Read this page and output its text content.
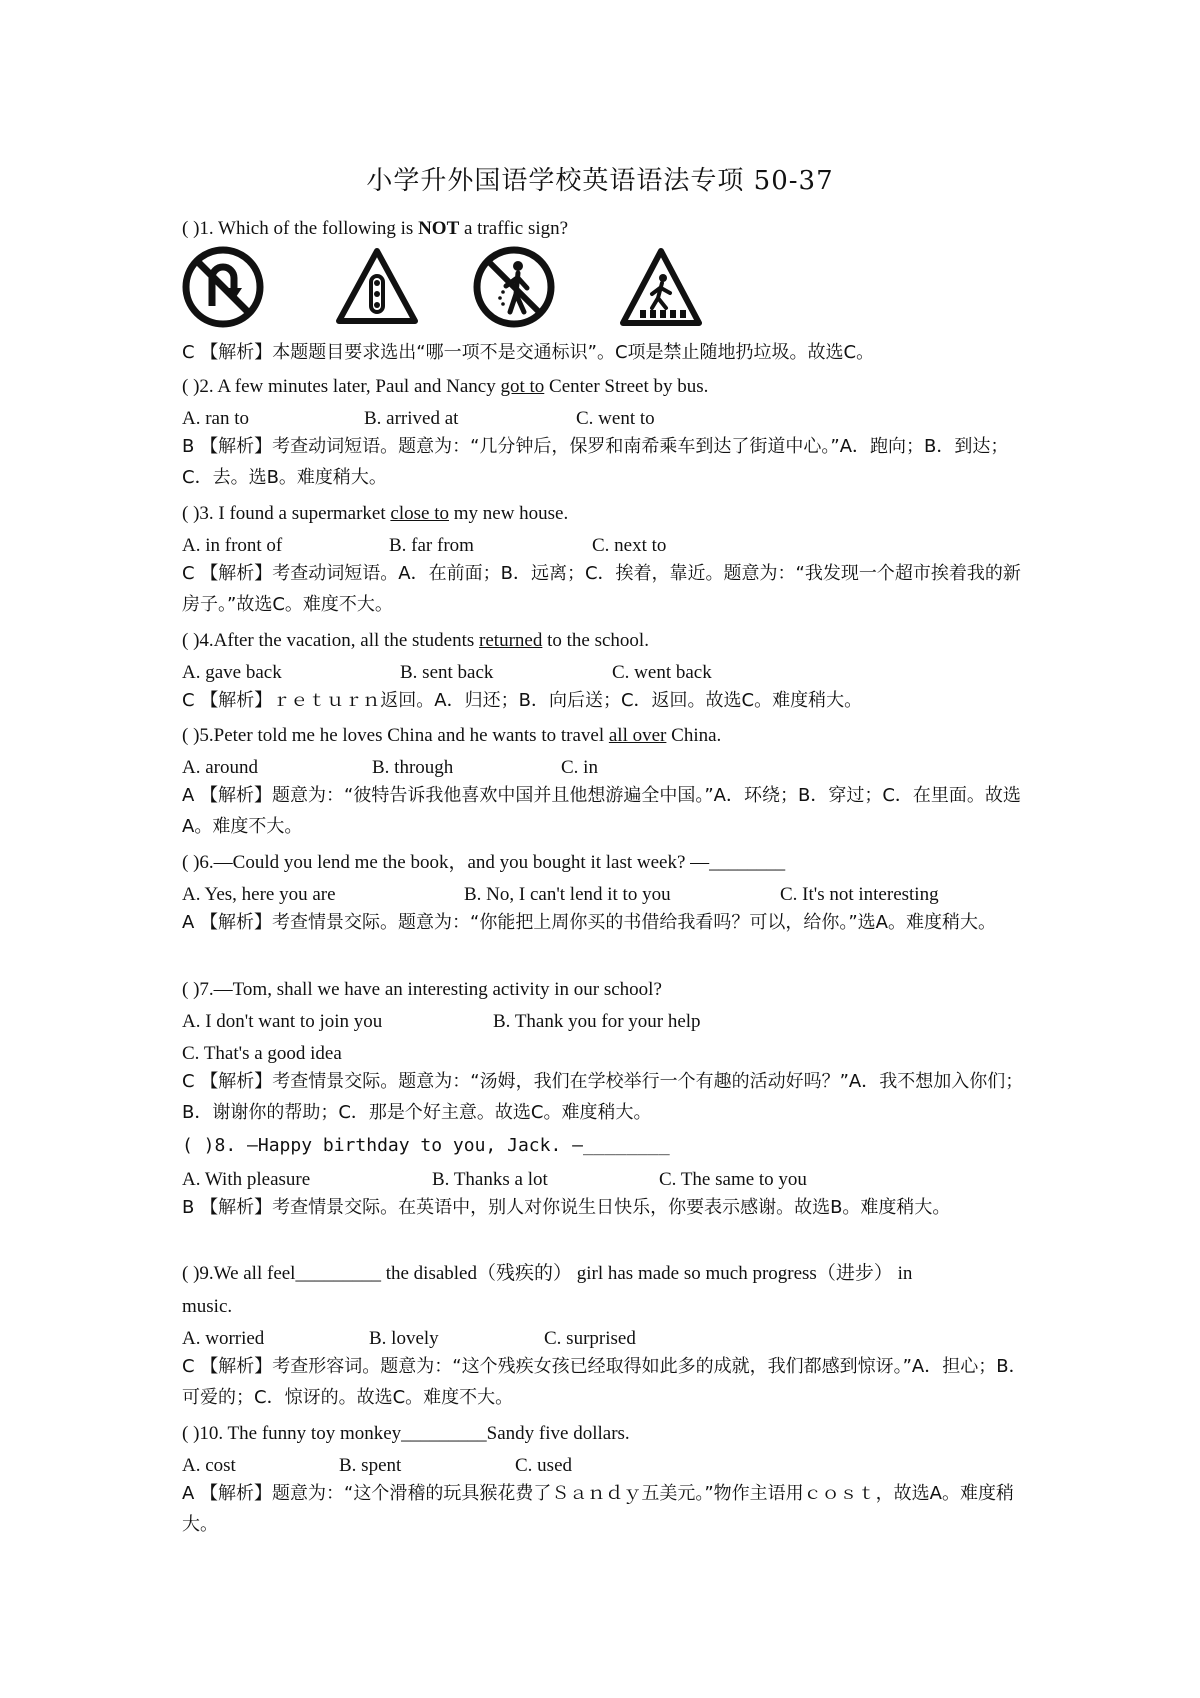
小学升外国语学校英语语法专项 50-37
( )1. Which of the following is NOT a traffic sign?
C 【解析】本题题目要求选出“哪一项不是交通标识”。C项是禁止随地扔垃圾。故选C。
( )2. A few minutes later, Paul and Nancy got to Center Street by bus.
A. ran to	B. arrived at	C. went to
B 【解析】考查动词短语。题意为：“几分钟后，保罗和南希乘车到达了街道中心。”A．跑向；B．到达；C．去。选B。难度稍大。
( )3. I found a supermarket close to my new house.
A. in front of	B. far from	C. next to
C 【解析】考查动词短语。A．在前面；B．远离；C．挨着，靠近。题意为：“我发现一个超市挨着我的新房子。”故选C。难度不大。
( )4.After the vacation, all the students returned to the school.
A. gave back	B. sent back	C. went back
C 【解析】ｒｅｔｕｒｎ返回。A．归还；B．向后送；C．返回。故选C。难度稍大。
( )5.Peter told me he loves China and he wants to travel all over China.
A. around	B. through	C. in
A 【解析】题意为：“彼特告诉我他喜欢中国并且他想游遍全中国。”A．环绕；B．穿过；C．在里面。故选A。难度不大。
( )6.—Could you lend me the book，and you bought it last week? —________
A. Yes, here you are	B. No, I can't lend it to you	C. It's not interesting
A 【解析】考查情景交际。题意为：“你能把上周你买的书借给我看吗？可以，给你。”选A。难度稍大。
( )7.—Tom, shall we have an interesting activity in our school?
A. I don't want to join you	B. Thank you for your help
C. That's a good idea
C 【解析】考查情景交际。题意为：“汤姆，我们在学校举行一个有趣的活动好吗？”A．我不想加入你们；B．谢谢你的帮助；C．那是个好主意。故选C。难度稍大。
( )8. —Happy birthday to you, Jack. —________
A. With pleasure	B. Thanks a lot	C. The same to you
B 【解析】考查情景交际。在英语中，别人对你说生日快乐，你要表示感谢。故选B。难度稍大。
( )9.We all feel_________ the disabled（残疾的） girl has made so much progress（进步） in
music.
A. worried	B. lovely	C. surprised
C 【解析】考查形容词。题意为：“这个残疾女孩已经取得如此多的成就，我们都感到惊讶。”A．担心；B．可爱的；C．惊讶的。故选C。难度不大。
( )10. The funny toy monkey_________Sandy five dollars.
A. cost	B. spent	C. used
A 【解析】题意为：“这个滑稽的玩具猴花费了Ｓａｎｄｙ五美元。”物作主语用ｃｏｓｔ，故选A。难度稍大。
